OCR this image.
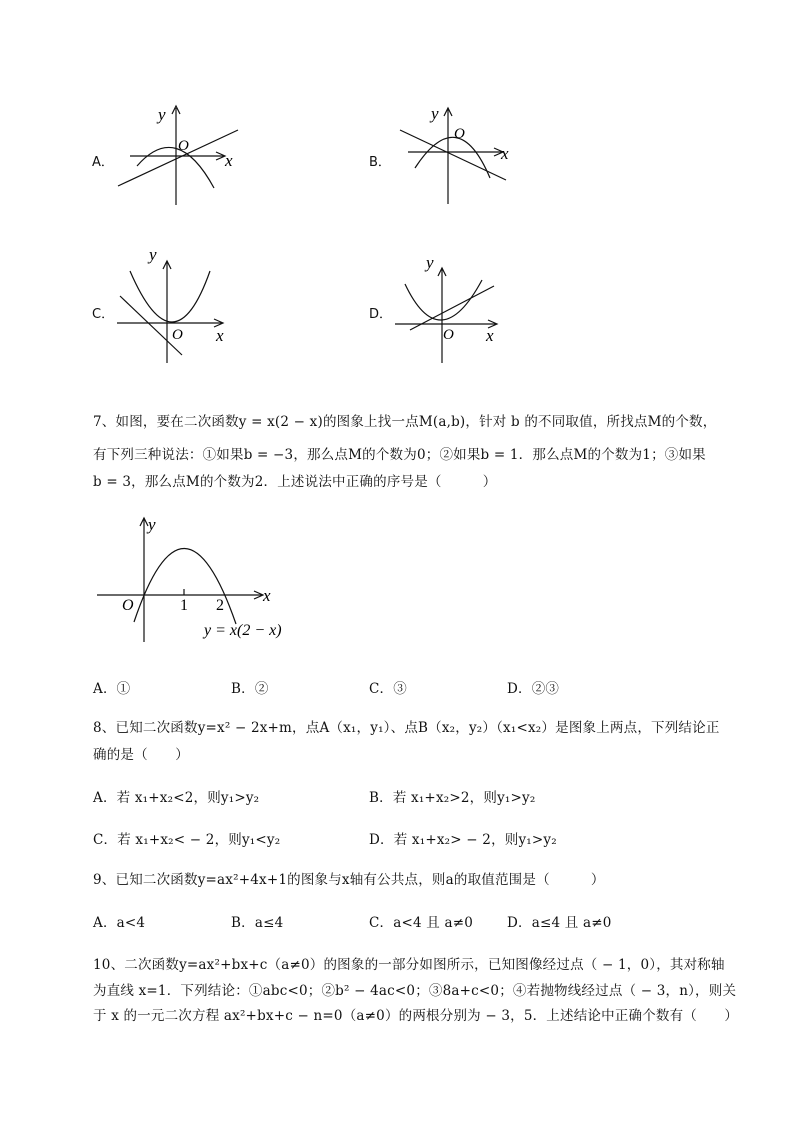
A．
y
x
O
B．
y
x
O
C．
y
x
O
D．
y
x
O
7、如图，要在二次函数y = x(2 − x)的图象上找一点M(a,b)，针对 b 的不同取值，所找点M的个数，
有下列三种说法：①如果b = −3，那么点M的个数为0；②如果b = 1．那么点M的个数为1；③如果
b = 3，那么点M的个数为2．上述说法中正确的序号是（　　　）
y
x
O	1 2
y = x(2 − x)
A．①	B．②	C．③	D．②③
8、已知二次函数y=x² − 2x+m，点A（x₁，y₁）、点B（x₂，y₂）（x₁<x₂）是图象上两点，下列结论正
确的是（　　）
A．若 x₁+x₂<2，则y₁>y₂	B．若 x₁+x₂>2，则y₁>y₂
C．若 x₁+x₂< − 2，则y₁<y₂	D．若 x₁+x₂> − 2，则y₁>y₂
9、已知二次函数y=ax²+4x+1的图象与x轴有公共点，则a的取值范围是（　　　）
A．a<4	B．a≤4	C．a<4 且 a≠0	D．a≤4 且 a≠0
10、二次函数y=ax²+bx+c（a≠0）的图象的一部分如图所示，已知图像经过点（ − 1，0），其对称轴
为直线 x=1．下列结论：①abc<0；②b² − 4ac<0；③8a+c<0；④若抛物线经过点（ − 3，n），则关
于 x 的一元二次方程 ax²+bx+c − n=0（a≠0）的两根分别为 − 3，5．上述结论中正确个数有（　　）
